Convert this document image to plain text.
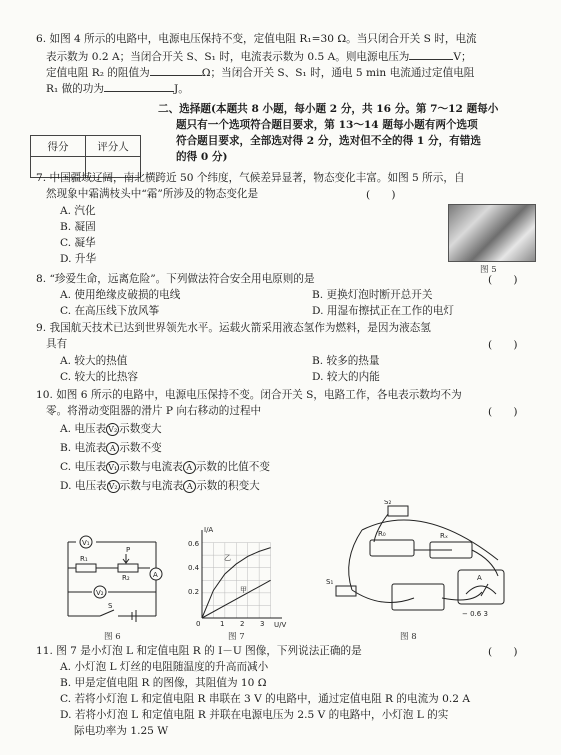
6. 如图 4 所示的电路中，电源电压保持不变，定值电阻 R₁=30 Ω。当只闭合开关 S 时，电流
表示数为 0.2 A；当闭合开关 S、S₁ 时，电流表示数为 0.5 A。则电源电压为	V；
定值电阻 R₂ 的阻值为	Ω；当闭合开关 S、S₁ 时，通电 5 min 电流通过定值电阻
R₁ 做的功为	J。
得分	评分人

二、选择题(本题共 8 小题，每小题 2 分，共 16 分。第 7～12 题每小
题只有一个选项符合题目要求，第 13～14 题每小题有两个选项
符合题目要求，全部选对得 2 分，选对但不全的得 1 分，有错选
的得 0 分)
7. 中国疆域辽阔，南北横跨近 50 个纬度，气候差异显著，物态变化丰富。如图 5 所示，自
然现象中霜满枝头中“霜”所涉及的物态变化是	(　　)
A. 汽化
B. 凝固
C. 凝华
D. 升华
图 5
8. “珍爱生命，远离危险”。下列做法符合安全用电原则的是	(　　)
A. 使用绝缘皮破损的电线	B. 更换灯泡时断开总开关
C. 在高压线下放风筝	D. 用湿布擦拭正在工作的电灯
9. 我国航天技术已达到世界领先水平。运载火箭采用液态氢作为燃料，是因为液态氢
具有	(　　)
A. 较大的热值	B. 较多的热量
C. 较大的比热容	D. 较大的内能
10. 如图 6 所示的电路中，电源电压保持不变。闭合开关 S，电路工作，各电表示数均不为
零。将滑动变阻器的滑片 P 向右移动的过程中	(　　)
A. 电压表 V₂ 示数变大
B. 电流表 A 示数不变
C. 电压表 V₁ 示数与电流表 A 示数的比值不变
D. 电压表 V₂ 示数与电流表 A 示数的积变大
V₁
R₁
P
R₂	A
V₂
S
图 6
I/A
U/V
0.6
0.4
0.2
0	1 2 3
乙
甲
图 7
S₂
R₀	Rₓ
S₁	A
− 0.6 3
图 8
11. 图 7 是小灯泡 L 和定值电阻 R 的 I－U 图像，下列说法正确的是	(　　)
A. 小灯泡 L 灯丝的电阻随温度的升高而减小
B. 甲是定值电阻 R 的图像，其阻值为 10 Ω
C. 若将小灯泡 L 和定值电阻 R 串联在 3 V 的电路中，通过定值电阻 R 的电流为 0.2 A
D. 若将小灯泡 L 和定值电阻 R 并联在电源电压为 2.5 V 的电路中，小灯泡 L 的实
际电功率为 1.25 W
